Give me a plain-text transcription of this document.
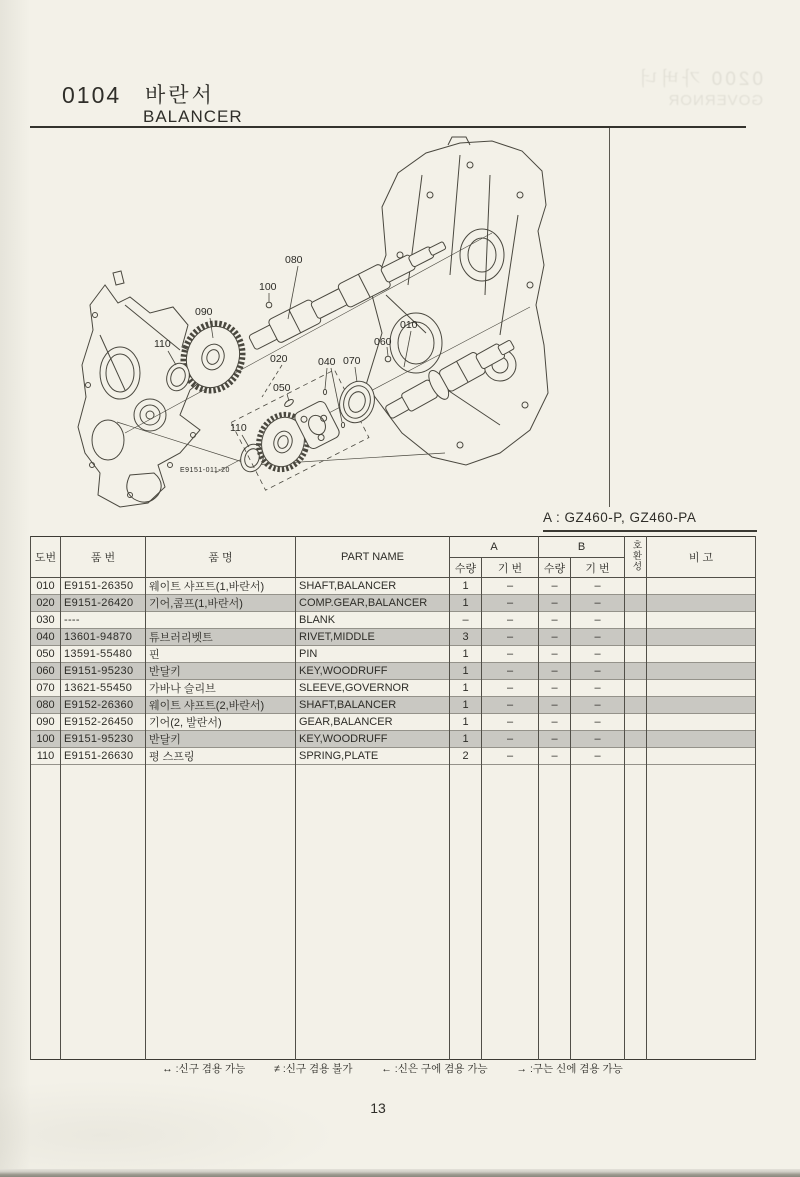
0200 가버너
GOVERNOR
0104 바란서
BALANCER
080
100
090
110
020
050
040 070
060
010
110
E9151-011-20
A : GZ460-P, GZ460-PA
도번	품 번	품 명	PART NAME	A		B		호환성	비 고
				수량	기 번	수량	기 번		
010	E9151-26350	웨이트 샤프트(1,바란서)	SHAFT,BALANCER	1	–	–	–		
020	E9151-26420	기어,콤프(1,바란서)	COMP.GEAR,BALANCER	1	–	–	–		
030	----		BLANK	–	–	–	–		
040	13601-94870	튜브러리벳트	RIVET,MIDDLE	3	–	–	–		
050	13591-55480	핀	PIN	1	–	–	–		
060	E9151-95230	반달키	KEY,WOODRUFF	1	–	–	–		
070	13621-55450	가바나 슬리브	SLEEVE,GOVERNOR	1	–	–	–		
080	E9152-26360	웨이트 샤프트(2,바란서)	SHAFT,BALANCER	1	–	–	–		
090	E9152-26450	기어(2, 발란서)	GEAR,BALANCER	1	–	–	–		
100	E9151-95230	반달키	KEY,WOODRUFF	1	–	–	–		
110	E9151-26630	평 스프링	SPRING,PLATE	2	–	–	–		

↔ :신구 겸용 가능	≠ :신구 겸용 불가	← :신은 구에 겸용 가능	→ :구는 신에 겸용 가능
13
